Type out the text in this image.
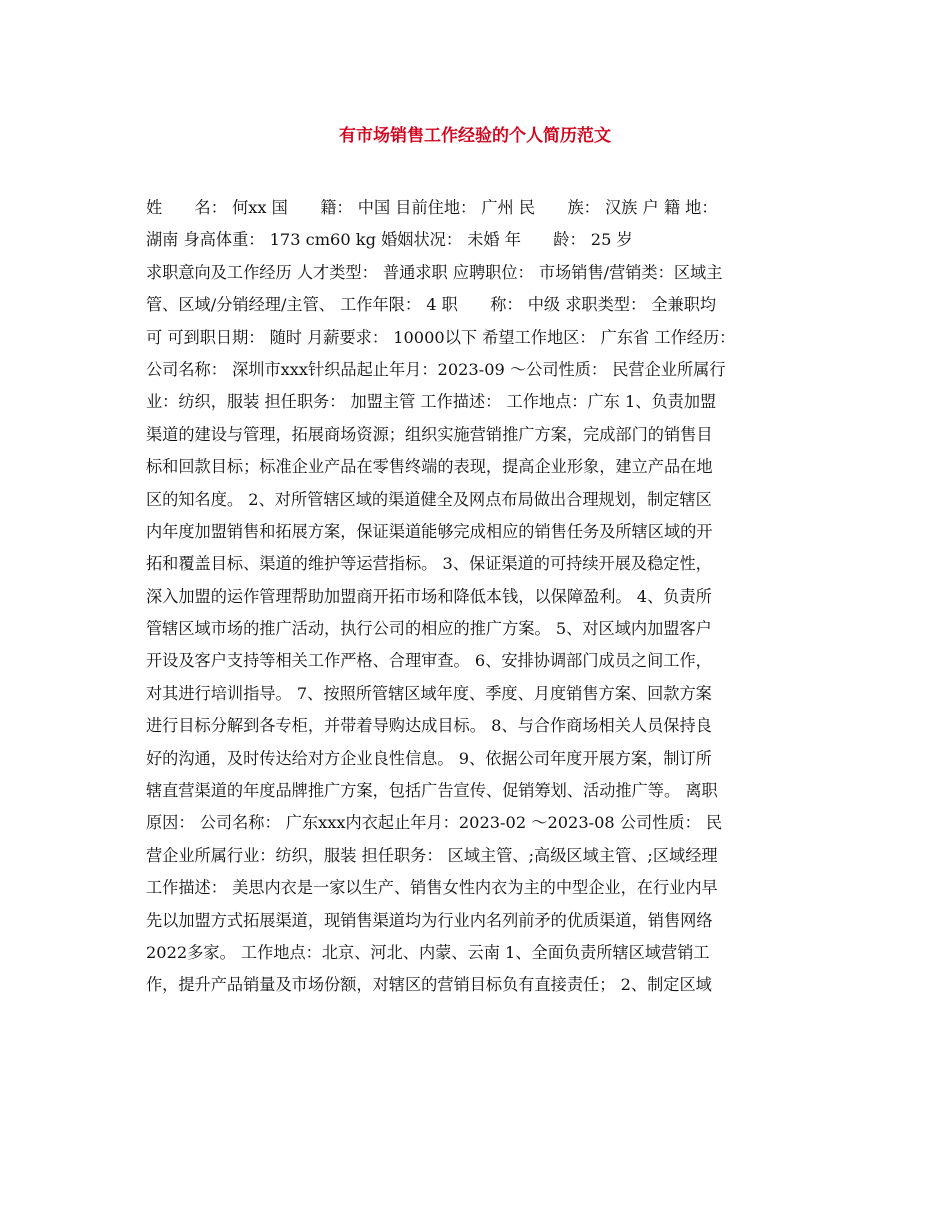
有市场销售工作经验的个人简历范文
姓　　名： 何xx 国　　籍： 中国 目前住地： 广州 民　　族： 汉族 户 籍 地：
湖南 身高体重： 173 cm60 kg 婚姻状况： 未婚 年　　龄： 25 岁
求职意向及工作经历 人才类型： 普通求职 应聘职位： 市场销售/营销类：区域主
管、区域/分销经理/主管、 工作年限： 4 职　　称： 中级 求职类型： 全兼职均
可 可到职日期： 随时 月薪要求： 10000以下 希望工作地区： 广东省 工作经历：
公司名称： 深圳市xxx针织品起止年月：2023-09 ～公司性质： 民营企业所属行
业：纺织，服装 担任职务： 加盟主管 工作描述： 工作地点：广东 1、负责加盟
渠道的建设与管理，拓展商场资源；组织实施营销推广方案，完成部门的销售目
标和回款目标；标准企业产品在零售终端的表现，提高企业形象，建立产品在地
区的知名度。 2、对所管辖区域的渠道健全及网点布局做出合理规划，制定辖区
内年度加盟销售和拓展方案，保证渠道能够完成相应的销售任务及所辖区域的开
拓和覆盖目标、渠道的维护等运营指标。 3、保证渠道的可持续开展及稳定性，
深入加盟的运作管理帮助加盟商开拓市场和降低本钱，以保障盈利。 4、负责所
管辖区域市场的推广活动，执行公司的相应的推广方案。 5、对区域内加盟客户
开设及客户支持等相关工作严格、合理审查。 6、安排协调部门成员之间工作，
对其进行培训指导。 7、按照所管辖区域年度、季度、月度销售方案、回款方案
进行目标分解到各专柜，并带着导购达成目标。 8、与合作商场相关人员保持良
好的沟通，及时传达给对方企业良性信息。 9、依据公司年度开展方案，制订所
辖直营渠道的年度品牌推广方案，包括广告宣传、促销筹划、活动推广等。 离职
原因： 公司名称： 广东xxx内衣起止年月：2023-02 ～2023-08 公司性质： 民
营企业所属行业：纺织，服装 担任职务： 区域主管、;高级区域主管、;区域经理
工作描述： 美思内衣是一家以生产、销售女性内衣为主的中型企业，在行业内早
先以加盟方式拓展渠道，现销售渠道均为行业内名列前矛的优质渠道，销售网络
2022多家。 工作地点：北京、河北、内蒙、云南 1、全面负责所辖区域营销工
作，提升产品销量及市场份额，对辖区的营销目标负有直接责任； 2、制定区域
